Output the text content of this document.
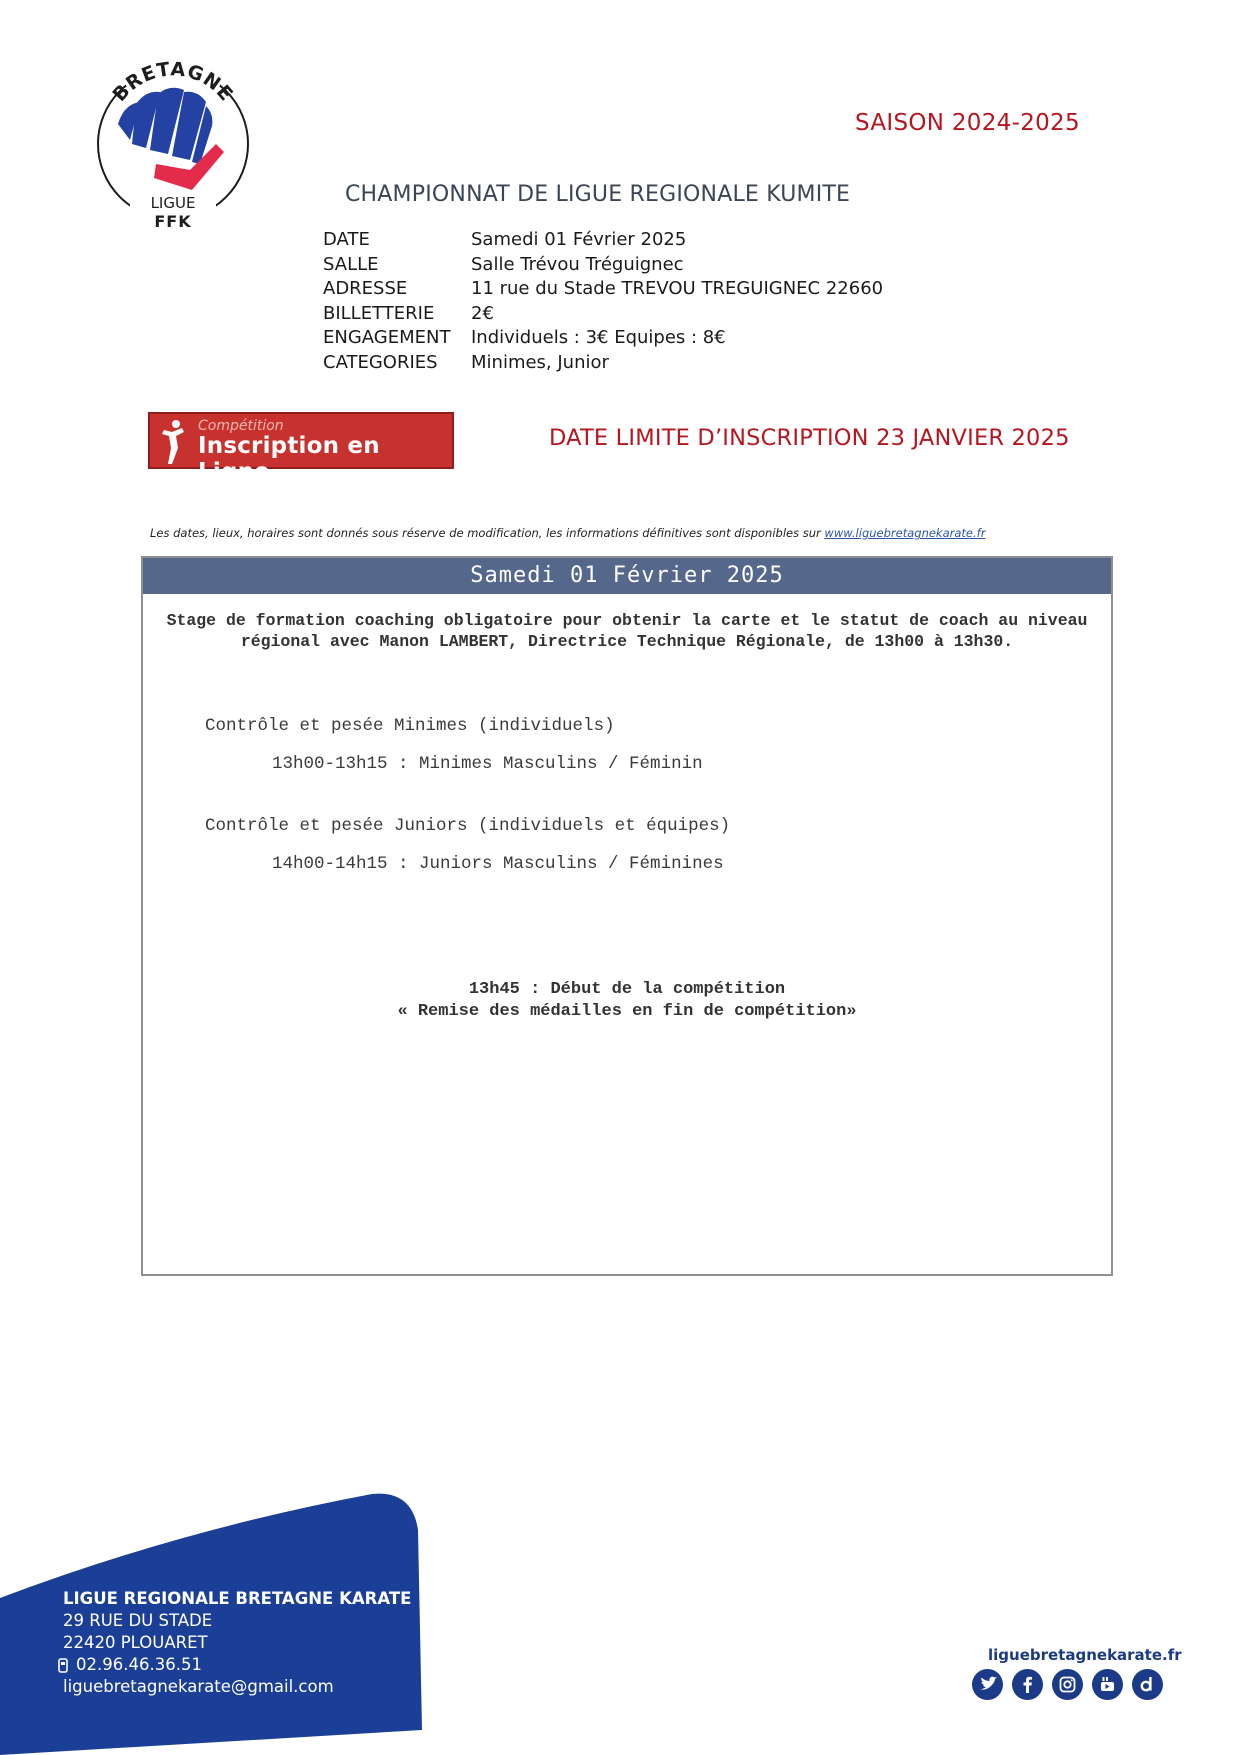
BRETAGNE
LIGUE
FFK
SAISON 2024-2025
CHAMPIONNAT DE LIGUE REGIONALE KUMITE
DATE	Samedi 01 Février 2025
SALLE	Salle Trévou Tréguignec
ADRESSE	11 rue du Stade TREVOU TREGUIGNEC 22660
BILLETTERIE	2€
ENGAGEMENT	Individuels : 3€ Equipes : 8€
CATEGORIES	Minimes, Junior
Compétition
Inscription en Ligne
DATE LIMITE D’INSCRIPTION 23 JANVIER 2025
Les dates, lieux, horaires sont donnés sous réserve de modification, les informations définitives sont disponibles sur www.liguebretagnekarate.fr
Samedi 01 Février 2025
Stage de formation coaching obligatoire pour obtenir la carte et le statut de coach au niveau régional avec Manon LAMBERT, Directrice Technique Régionale, de 13h00 à 13h30.
Contrôle et pesée Minimes (individuels)
13h00-13h15 : Minimes Masculins / Féminin
Contrôle et pesée Juniors (individuels et équipes)
14h00-14h15 : Juniors Masculins / Féminines
13h45 : Début de la compétition
« Remise des médailles en fin de compétition»
LIGUE REGIONALE BRETAGNE KARATE
29 RUE DU STADE
22420 PLOUARET
02.96.46.36.51
liguebretagnekarate@gmail.com
liguebretagnekarate.fr
